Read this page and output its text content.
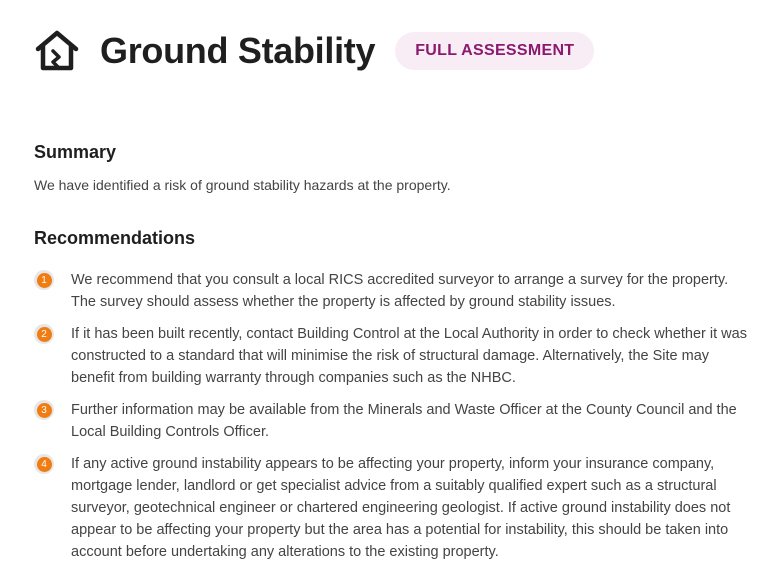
Ground Stability	FULL ASSESSMENT
Summary

We have identified a risk of ground stability hazards at the property.

Recommendations
1	We recommend that you consult a local RICS accredited surveyor to arrange a survey for the property. The survey should assess whether the property is affected by ground stability issues.
2	If it has been built recently, contact Building Control at the Local Authority in order to check whether it was constructed to a standard that will minimise the risk of structural damage. Alternatively, the Site may benefit from building warranty through companies such as the NHBC.
3	Further information may be available from the Minerals and Waste Officer at the County Council and the Local Building Controls Officer.
4	If any active ground instability appears to be affecting your property, inform your insurance company, mortgage lender, landlord or get specialist advice from a suitably qualified expert such as a structural surveyor, geotechnical engineer or chartered engineering geologist. If active ground instability does not appear to be affecting your property but the area has a potential for instability, this should be taken into account before undertaking any alterations to the existing property.
